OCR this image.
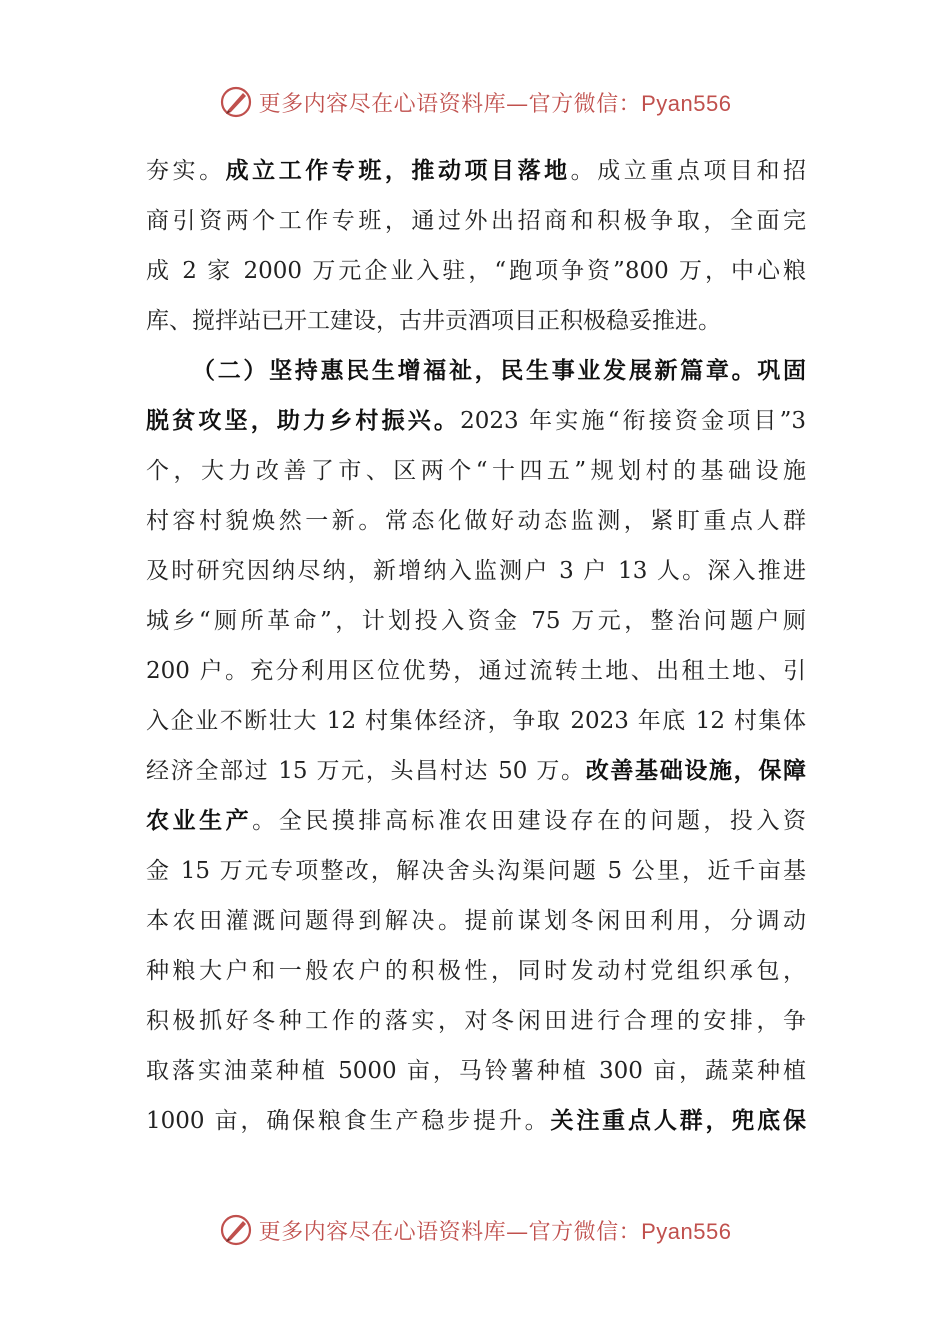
更多内容尽在心语资料库—官方微信：Pyan556
夯实。成立工作专班，推动项目落地。成立重点项目和招
商引资两个工作专班，通过外出招商和积极争取，全面完
成 2 家 2000 万元企业入驻，“跑项争资”800 万，中心粮
库、搅拌站已开工建设，古井贡酒项目正积极稳妥推进。
（二）坚持惠民生增福祉，民生事业发展新篇章。巩固
脱贫攻坚，助力乡村振兴。2023 年实施“衔接资金项目”3
个，大力改善了市、区两个“十四五”规划村的基础设施
村容村貌焕然一新。常态化做好动态监测，紧盯重点人群
及时研究因纳尽纳，新增纳入监测户 3 户 13 人。深入推进
城乡“厕所革命”，计划投入资金 75 万元，整治问题户厕
200 户。充分利用区位优势，通过流转土地、出租土地、引
入企业不断壮大 12 村集体经济，争取 2023 年底 12 村集体
经济全部过 15 万元，头昌村达 50 万。改善基础设施，保障
农业生产。全民摸排高标准农田建设存在的问题，投入资
金 15 万元专项整改，解决舍头沟渠问题 5 公里，近千亩基
本农田灌溉问题得到解决。提前谋划冬闲田利用，分调动
种粮大户和一般农户的积极性，同时发动村党组织承包，
积极抓好冬种工作的落实，对冬闲田进行合理的安排，争
取落实油菜种植 5000 亩，马铃薯种植 300 亩，蔬菜种植
1000 亩，确保粮食生产稳步提升。关注重点人群，兜底保
更多内容尽在心语资料库—官方微信：Pyan556
